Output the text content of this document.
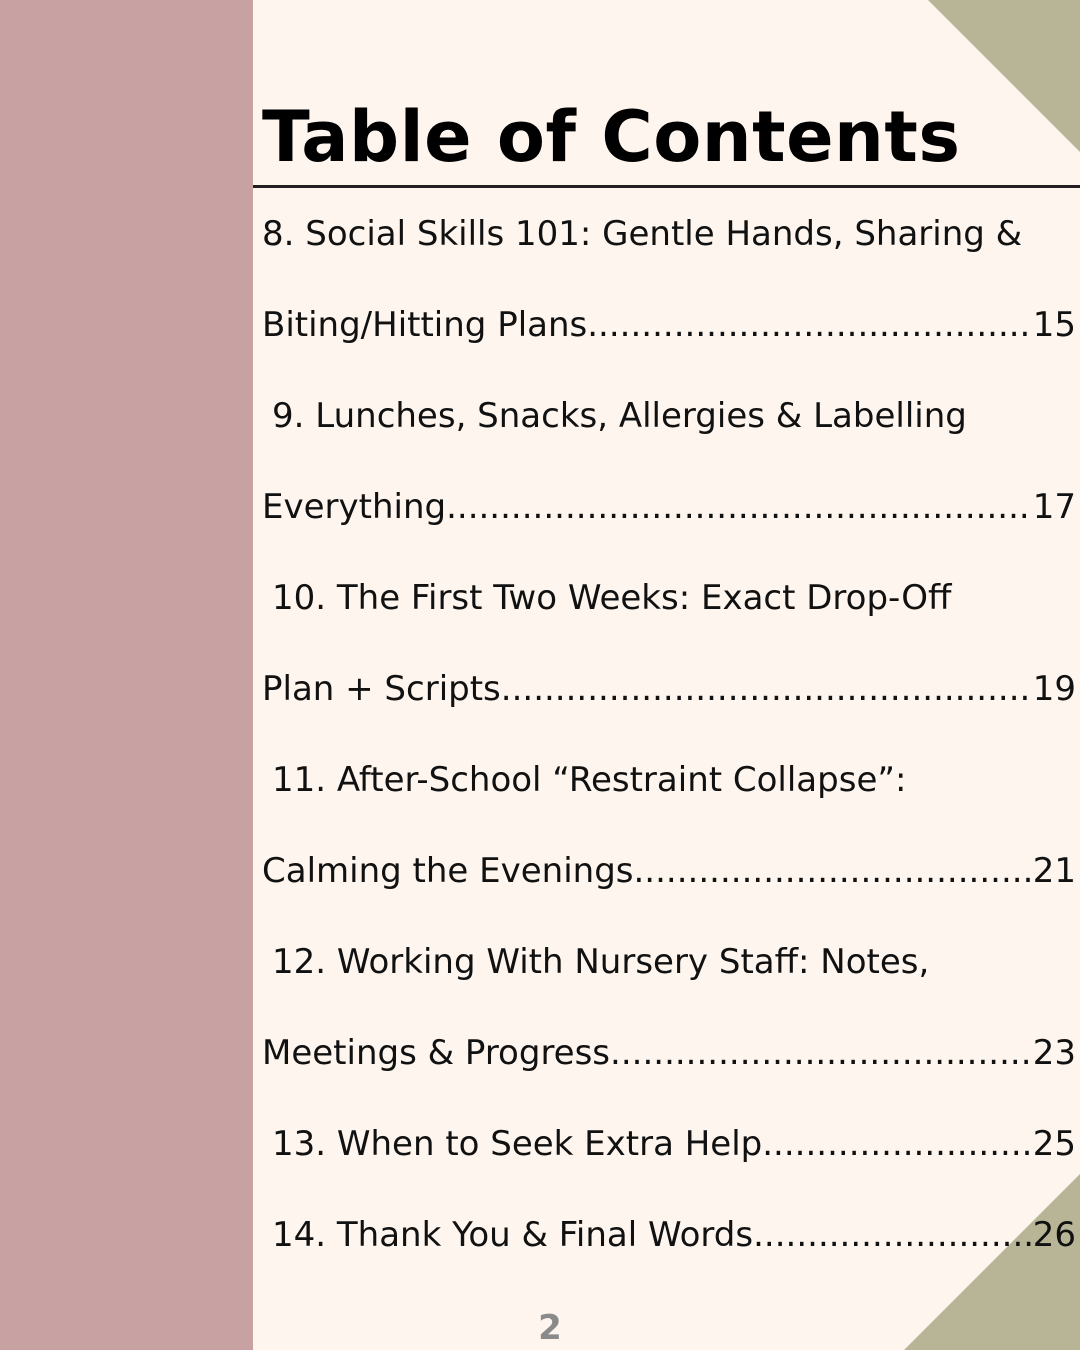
Table of Contents
8. Social Skills 101: Gentle Hands, Sharing &
Biting/Hitting Plans .....	15
9. Lunches, Snacks, Allergies & Labelling
Everything .....	17
10. The First Two Weeks: Exact Drop-Off
Plan + Scripts .....	19
11. After-School “Restraint Collapse”:
Calming the Evenings .....	21
12. Working With Nursery Staff: Notes,
Meetings & Progress .....	23
13. When to Seek Extra Help .....	25
14. Thank You & Final Words .....	26
2
